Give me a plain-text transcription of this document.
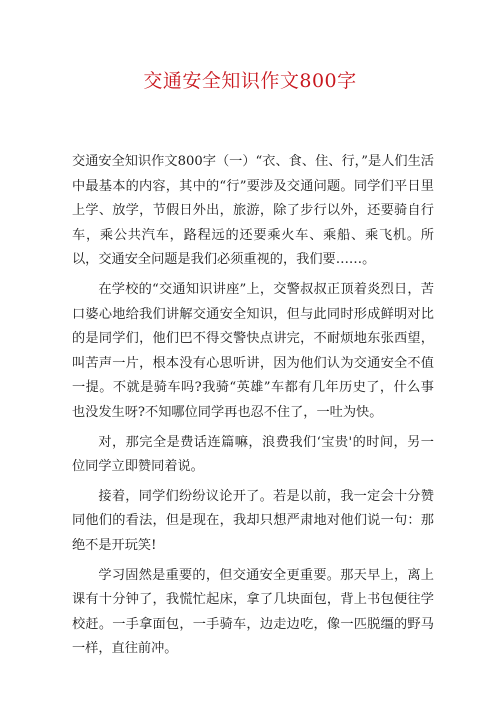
交通安全知识作文800字

交通安全知识作文800字（一）“衣、食、住、行，”是人们生活中最基本的内容，其中的“行”要涉及交通问题。同学们平日里上学、放学，节假日外出，旅游，除了步行以外，还要骑自行车，乘公共汽车，路程远的还要乘火车、乘船、乘飞机。所以，交通安全问题是我们必须重视的，我们要……。

在学校的“交通知识讲座”上，交警叔叔正顶着炎烈日，苦口婆心地给我们讲解交通安全知识，但与此同时形成鲜明对比的是同学们，他们巴不得交警快点讲完，不耐烦地东张西望，叫苦声一片，根本没有心思听讲，因为他们认为交通安全不值一提。不就是骑车吗?我骑“英雄”车都有几年历史了，什么事也没发生呀?不知哪位同学再也忍不住了，一吐为快。

对，那完全是费话连篇嘛，浪费我们‘宝贵'的时间，另一位同学立即赞同着说。

接着，同学们纷纷议论开了。若是以前，我一定会十分赞同他们的看法，但是现在，我却只想严肃地对他们说一句：那绝不是开玩笑!

学习固然是重要的，但交通安全更重要。那天早上，离上课有十分钟了，我慌忙起床，拿了几块面包，背上书包便往学校赶。一手拿面包，一手骑车，边走边吃，像一匹脱缰的野马一样，直往前冲。
